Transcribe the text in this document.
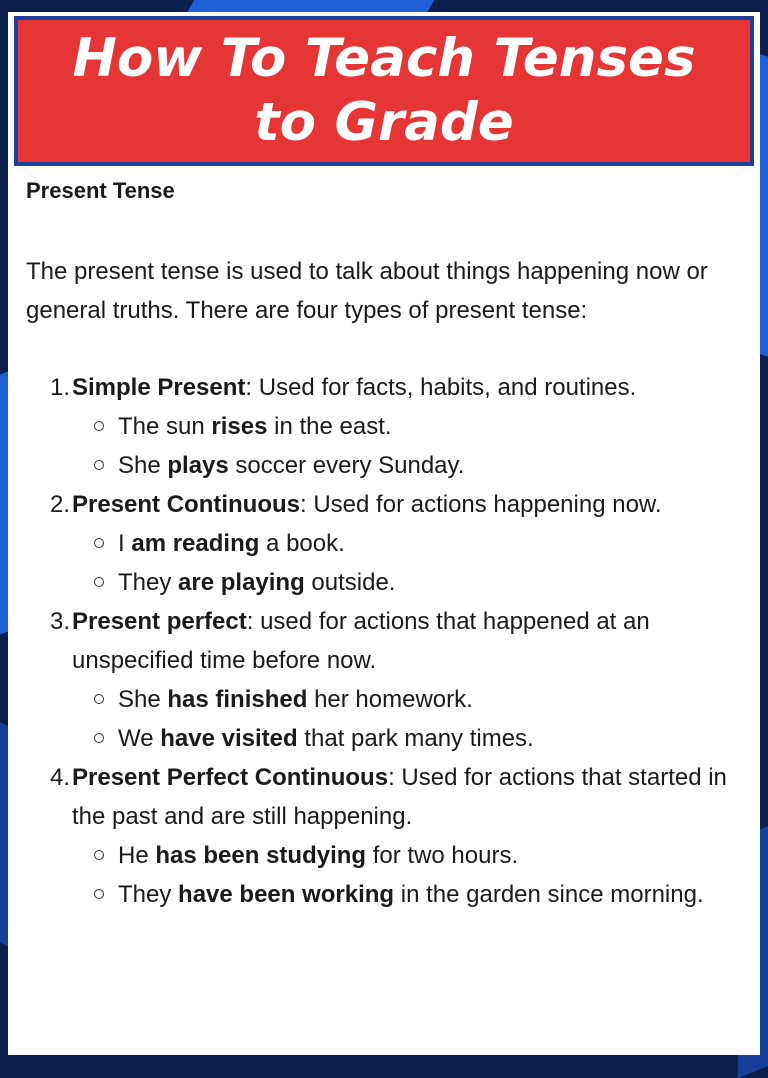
How To Teach Tenses to Grade

Present Tense

The present tense is used to talk about things happening now or general truths. There are four types of present tense:

1. Simple Present: Used for facts, habits, and routines.
The sun rises in the east.
She plays soccer every Sunday.
2. Present Continuous: Used for actions happening now.
I am reading a book.
They are playing outside.
3. Present perfect: used for actions that happened at an unspecified time before now.
She has finished her homework.
We have visited that park many times.
4. Present Perfect Continuous: Used for actions that started in the past and are still happening.
He has been studying for two hours.
They have been working in the garden since morning.
